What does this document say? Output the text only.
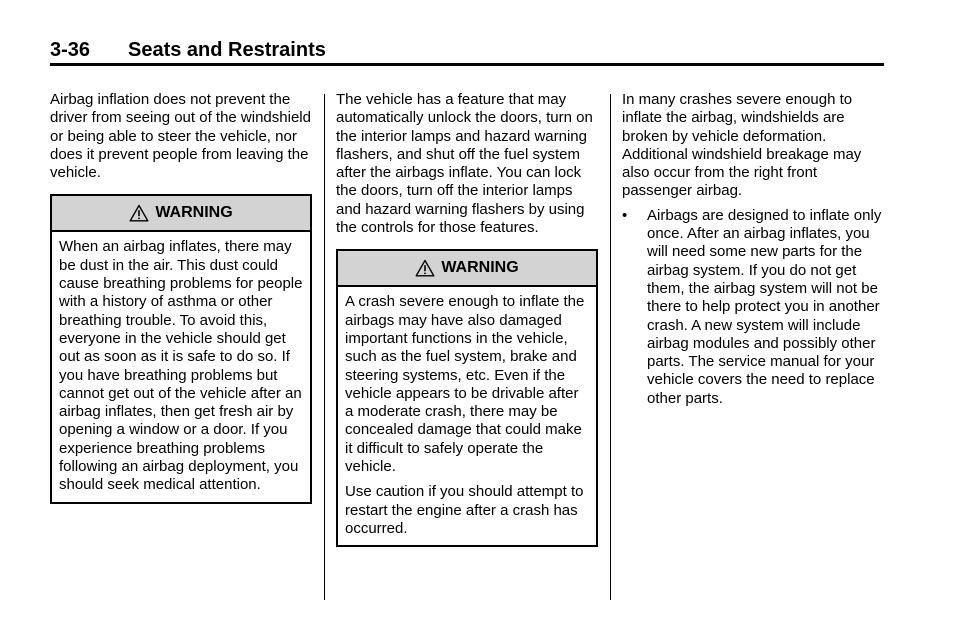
3-36 Seats and Restraints

Airbag inflation does not prevent the driver from seeing out of the windshield or being able to steer the vehicle, nor does it prevent people from leaving the vehicle.

WARNING

When an airbag inflates, there may be dust in the air. This dust could cause breathing problems for people with a history of asthma or other breathing trouble. To avoid this, everyone in the vehicle should get out as soon as it is safe to do so. If you have breathing problems but cannot get out of the vehicle after an airbag inflates, then get fresh air by opening a window or a door. If you experience breathing problems following an airbag deployment, you should seek medical attention.

The vehicle has a feature that may automatically unlock the doors, turn on the interior lamps and hazard warning flashers, and shut off the fuel system after the airbags inflate. You can lock the doors, turn off the interior lamps and hazard warning flashers by using the controls for those features.

WARNING

A crash severe enough to inflate the airbags may have also damaged important functions in the vehicle, such as the fuel system, brake and steering systems, etc. Even if the vehicle appears to be drivable after a moderate crash, there may be concealed damage that could make it difficult to safely operate the vehicle.

Use caution if you should attempt to restart the engine after a crash has occurred.

In many crashes severe enough to inflate the airbag, windshields are broken by vehicle deformation. Additional windshield breakage may also occur from the right front passenger airbag.

• Airbags are designed to inflate only once. After an airbag inflates, you will need some new parts for the airbag system. If you do not get them, the airbag system will not be there to help protect you in another crash. A new system will include airbag modules and possibly other parts. The service manual for your vehicle covers the need to replace other parts.
